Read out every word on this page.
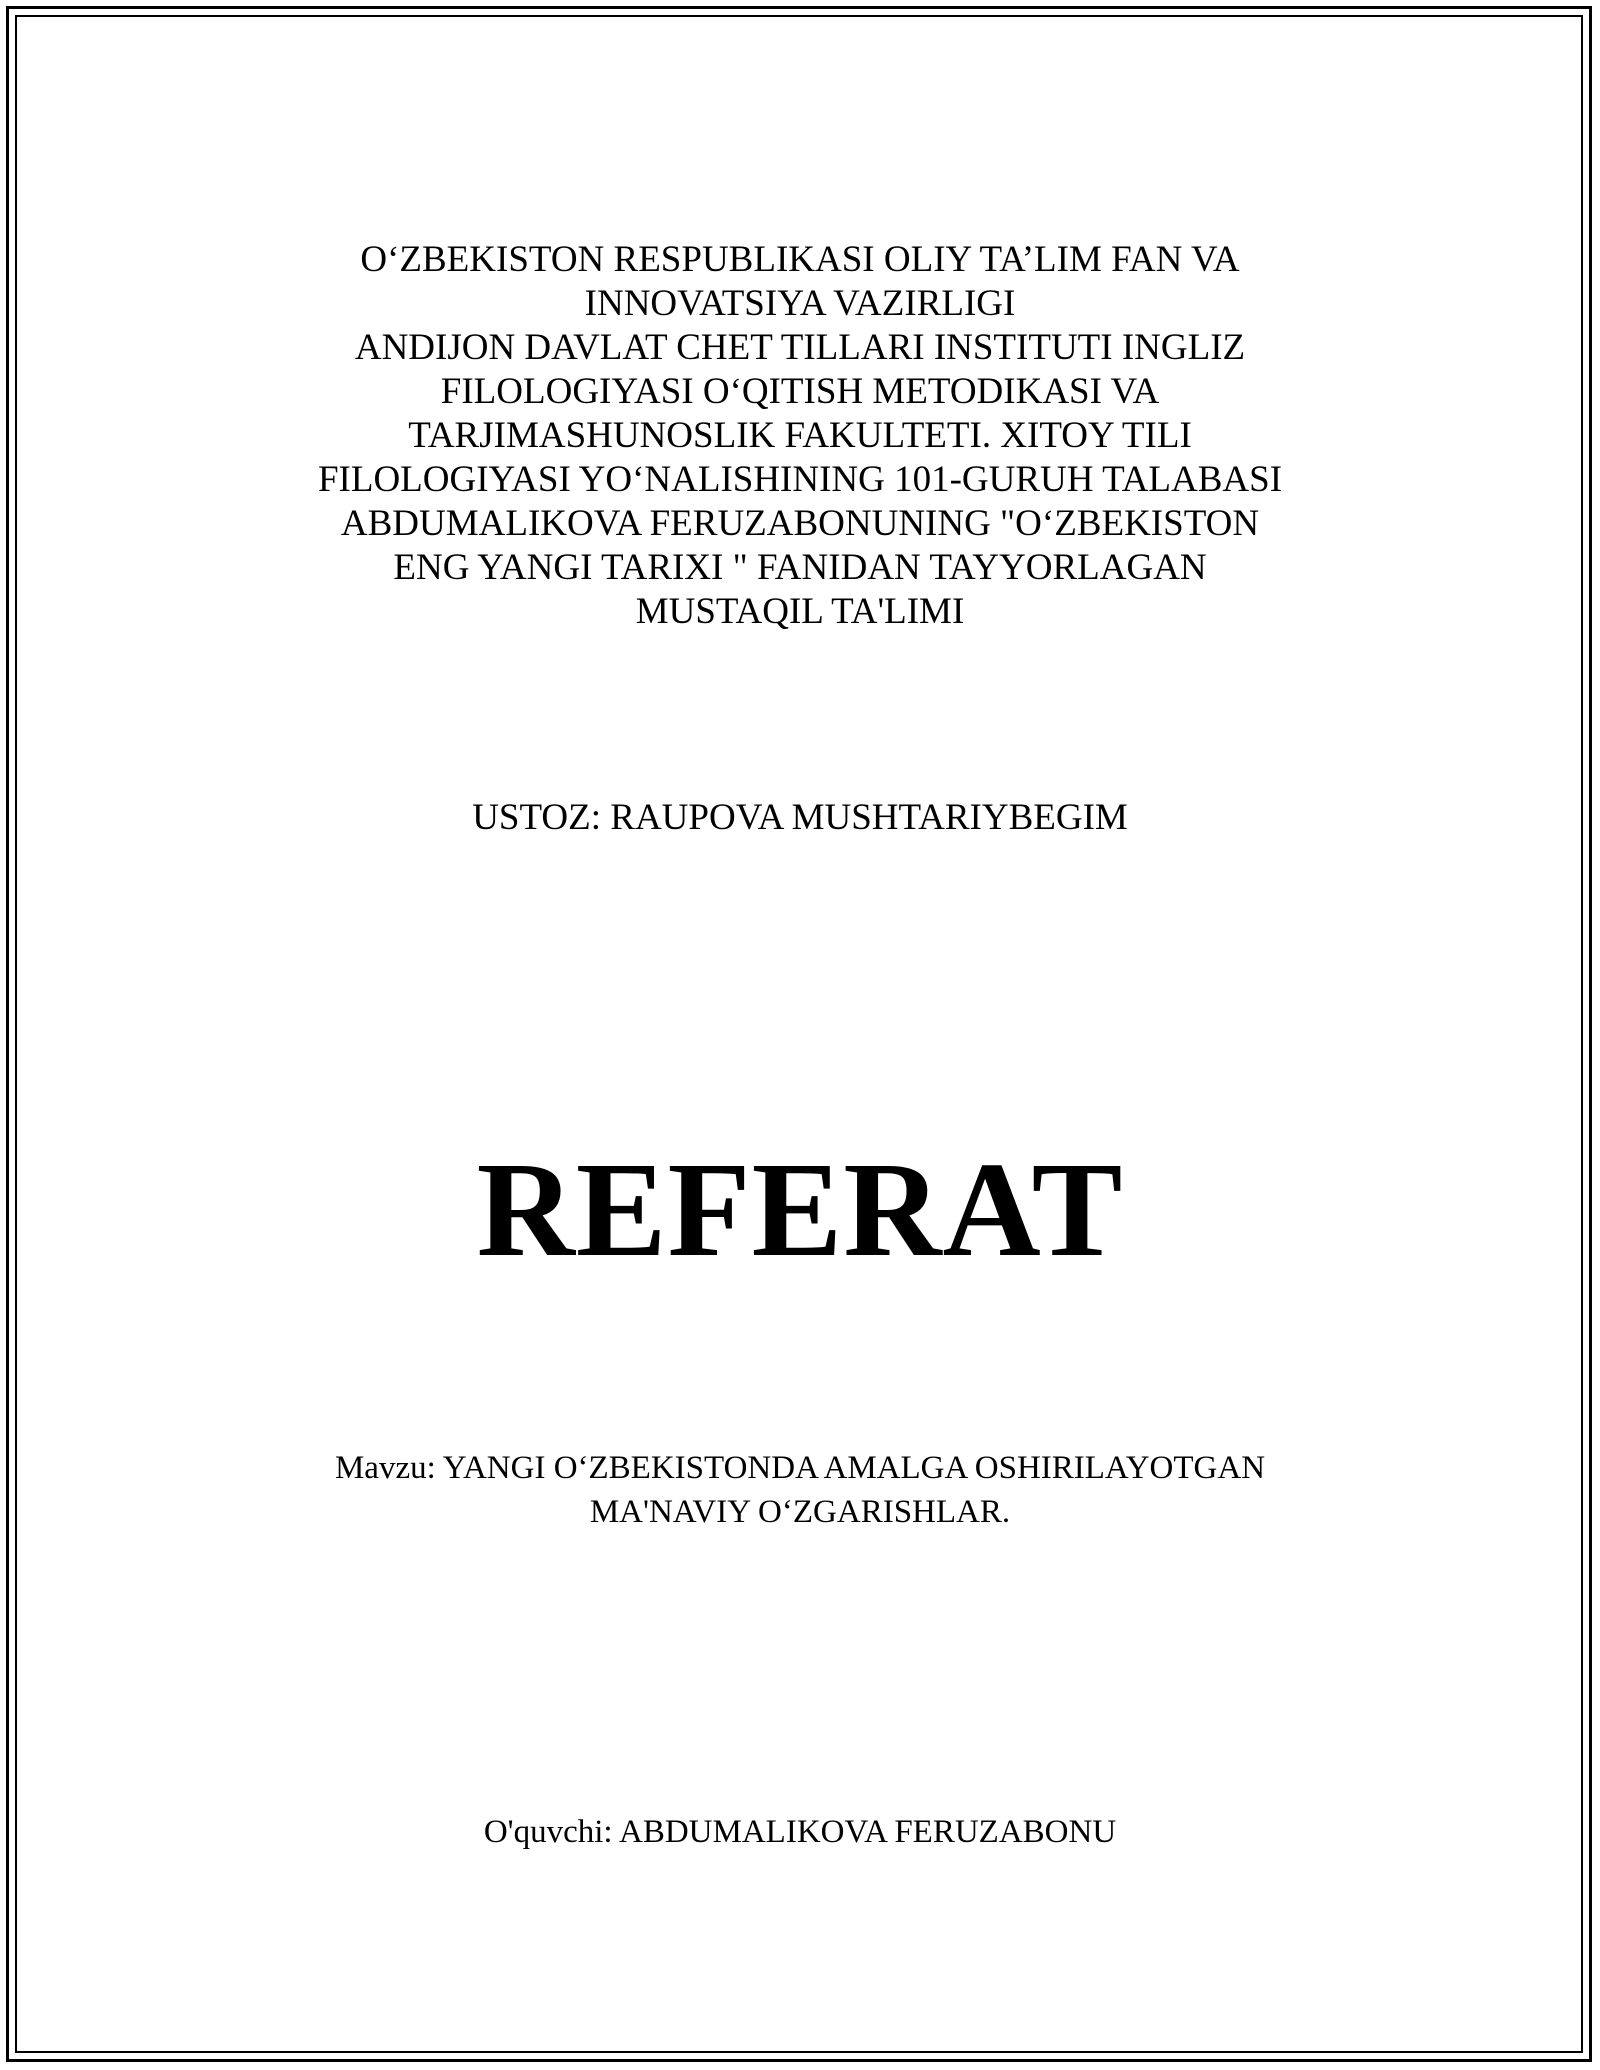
O‘ZBEKISTON RESPUBLIKASI OLIY TA’LIM FAN VA
INNOVATSIYA VAZIRLIGI
ANDIJON DAVLAT CHET TILLARI INSTITUTI INGLIZ
FILOLOGIYASI O‘QITISH METODIKASI VA
TARJIMASHUNOSLIK FAKULTETI. XITOY TILI
FILOLOGIYASI YO‘NALISHINING 101-GURUH TALABASI
ABDUMALIKOVA FERUZABONUNING "O‘ZBEKISTON
ENG YANGI TARIXI " FANIDAN TAYYORLAGAN
MUSTAQIL TA'LIMI
USTOZ: RAUPOVA MUSHTARIYBEGIM
REFERAT
Mavzu: YANGI O‘ZBEKISTONDA AMALGA OSHIRILAYOTGAN
MA'NAVIY O‘ZGARISHLAR.
O'quvchi: ABDUMALIKOVA FERUZABONU
